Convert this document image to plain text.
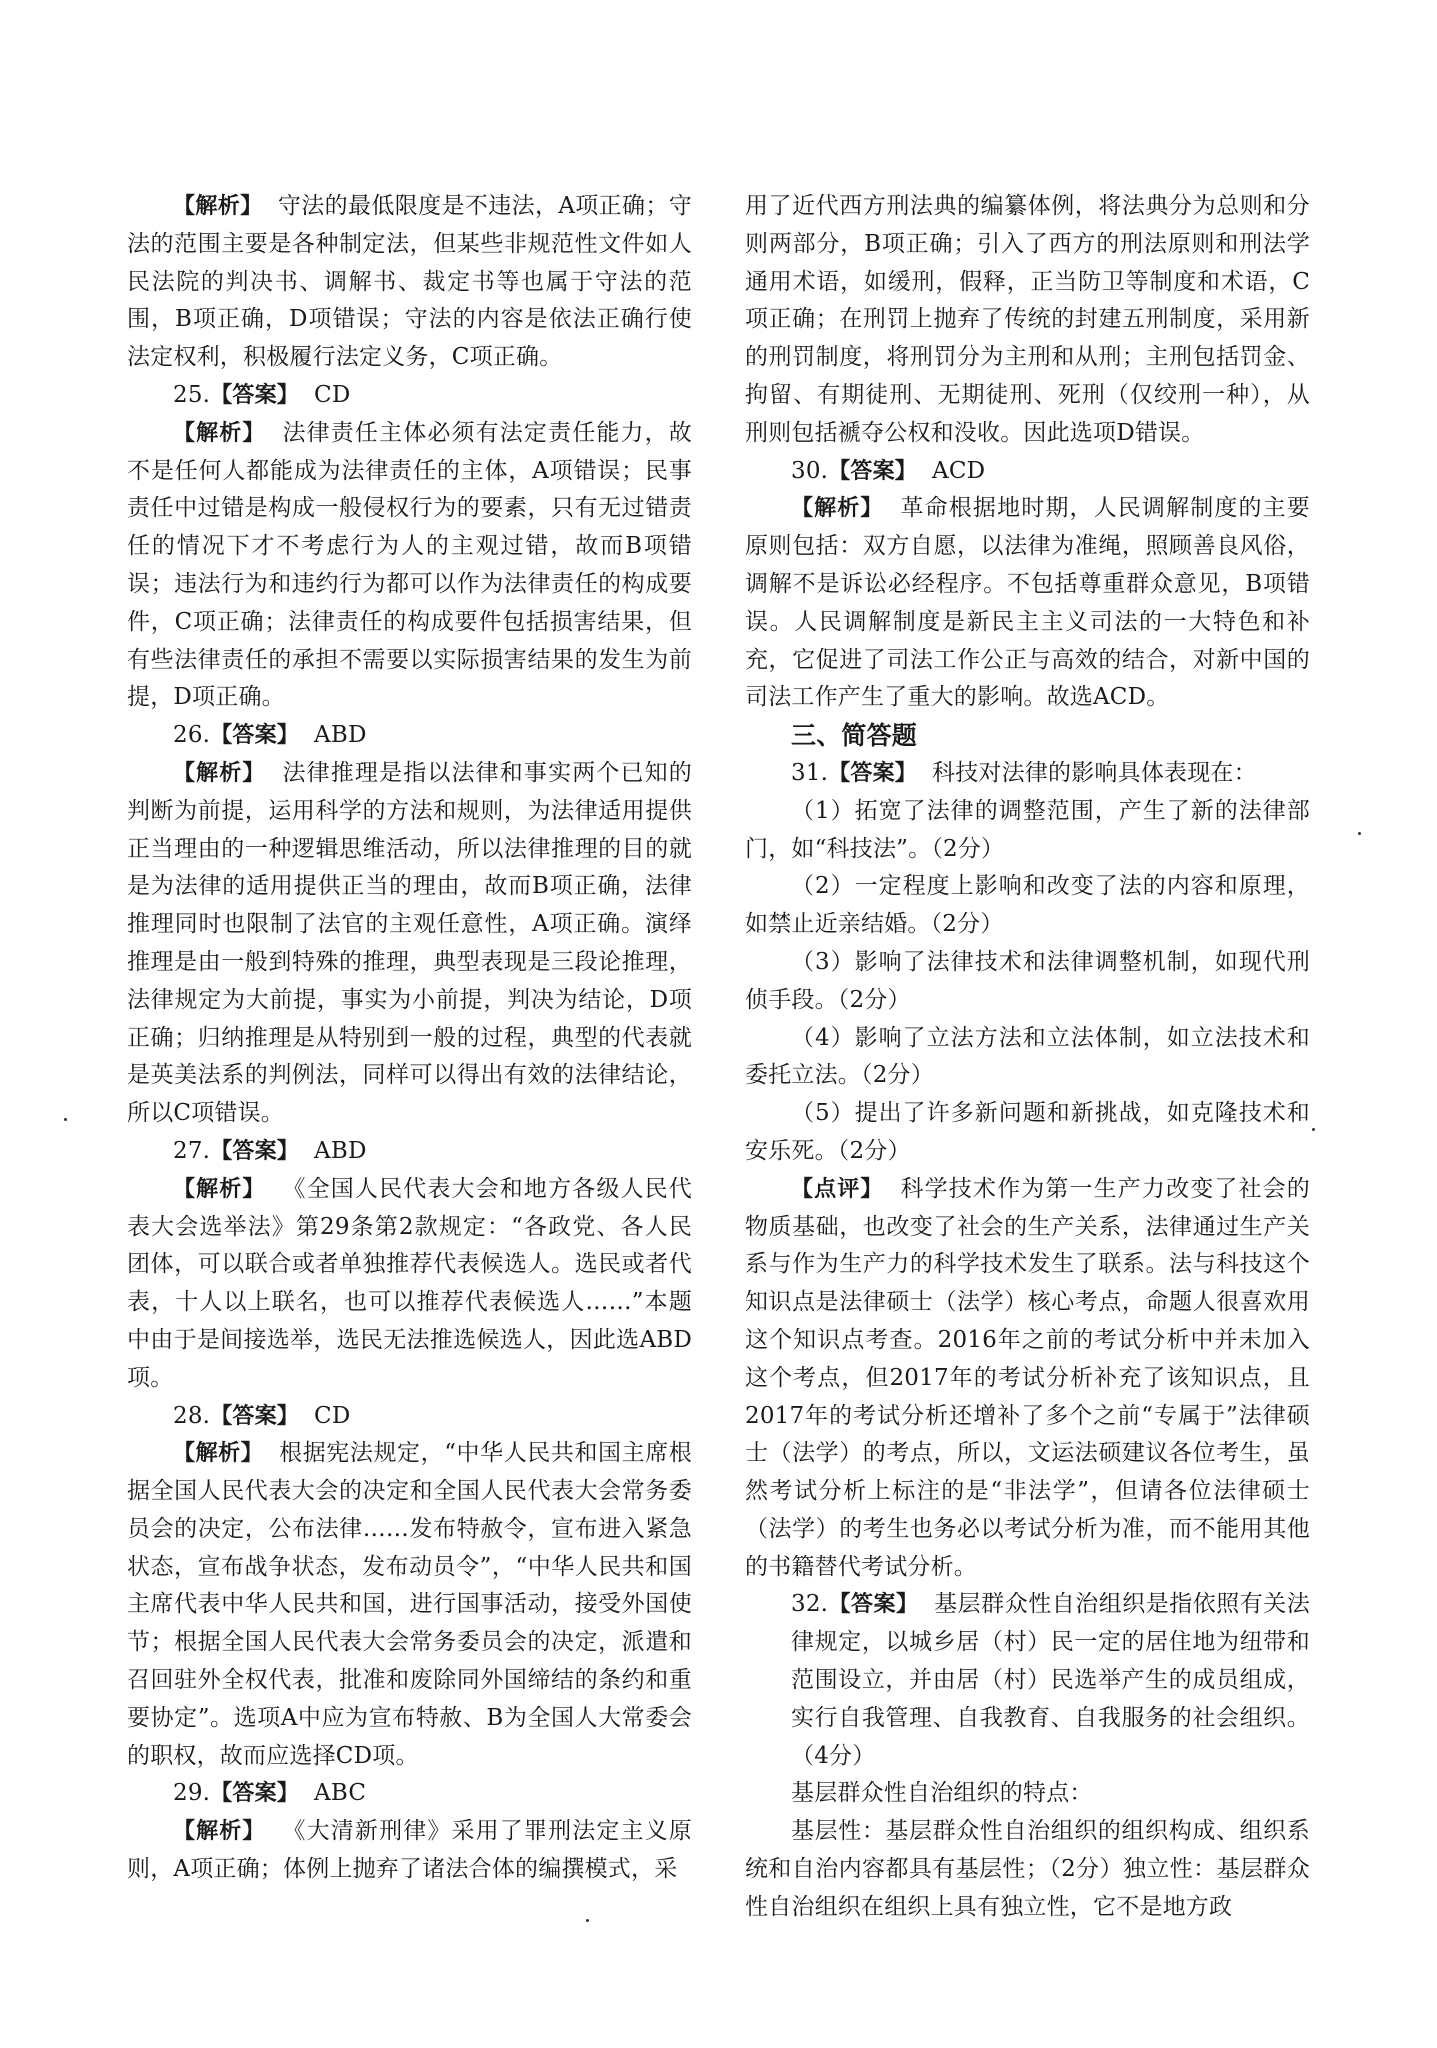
【解析】 守法的最低限度是不违法，A项正确；守法的范围主要是各种制定法，但某些非规范性文件如人民法院的判决书、调解书、裁定书等也属于守法的范围，B项正确，D项错误；守法的内容是依法正确行使法定权利，积极履行法定义务，C项正确。

25.【答案】 CD

【解析】 法律责任主体必须有法定责任能力，故不是任何人都能成为法律责任的主体，A项错误；民事责任中过错是构成一般侵权行为的要素，只有无过错责任的情况下才不考虑行为人的主观过错，故而B项错误；违法行为和违约行为都可以作为法律责任的构成要件，C项正确；法律责任的构成要件包括损害结果，但有些法律责任的承担不需要以实际损害结果的发生为前提，D项正确。

26.【答案】 ABD

【解析】 法律推理是指以法律和事实两个已知的判断为前提，运用科学的方法和规则，为法律适用提供正当理由的一种逻辑思维活动，所以法律推理的目的就是为法律的适用提供正当的理由，故而B项正确，法律推理同时也限制了法官的主观任意性，A项正确。演绎推理是由一般到特殊的推理，典型表现是三段论推理，法律规定为大前提，事实为小前提，判决为结论，D项正确；归纳推理是从特别到一般的过程，典型的代表就是英美法系的判例法，同样可以得出有效的法律结论，所以C项错误。

27.【答案】 ABD

【解析】 《全国人民代表大会和地方各级人民代表大会选举法》第29条第2款规定：“各政党、各人民团体，可以联合或者单独推荐代表候选人。选民或者代表，十人以上联名，也可以推荐代表候选人……”本题中由于是间接选举，选民无法推选候选人，因此选ABD项。

28.【答案】 CD

【解析】 根据宪法规定，“中华人民共和国主席根据全国人民代表大会的决定和全国人民代表大会常务委员会的决定，公布法律……发布特赦令，宣布进入紧急状态，宣布战争状态，发布动员令”，“中华人民共和国主席代表中华人民共和国，进行国事活动，接受外国使节；根据全国人民代表大会常务委员会的决定，派遣和召回驻外全权代表，批准和废除同外国缔结的条约和重要协定”。选项A中应为宣布特赦、B为全国人大常委会的职权，故而应选择CD项。

29.【答案】 ABC

【解析】 《大清新刑律》采用了罪刑法定主义原则，A项正确；体例上抛弃了诸法合体的编撰模式，采

用了近代西方刑法典的编纂体例，将法典分为总则和分则两部分，B项正确；引入了西方的刑法原则和刑法学通用术语，如缓刑，假释，正当防卫等制度和术语，C项正确；在刑罚上抛弃了传统的封建五刑制度，采用新的刑罚制度，将刑罚分为主刑和从刑；主刑包括罚金、拘留、有期徒刑、无期徒刑、死刑（仅绞刑一种），从刑则包括褫夺公权和没收。因此选项D错误。

30.【答案】 ACD

【解析】 革命根据地时期，人民调解制度的主要原则包括：双方自愿，以法律为准绳，照顾善良风俗，调解不是诉讼必经程序。不包括尊重群众意见，B项错误。人民调解制度是新民主主义司法的一大特色和补充，它促进了司法工作公正与高效的结合，对新中国的司法工作产生了重大的影响。故选ACD。

三、简答题

31.【答案】 科技对法律的影响具体表现在：

（1）拓宽了法律的调整范围，产生了新的法律部门，如“科技法”。（2分）

（2）一定程度上影响和改变了法的内容和原理，如禁止近亲结婚。（2分）

（3）影响了法律技术和法律调整机制，如现代刑侦手段。（2分）

（4）影响了立法方法和立法体制，如立法技术和委托立法。（2分）

（5）提出了许多新问题和新挑战，如克隆技术和安乐死。（2分）

【点评】 科学技术作为第一生产力改变了社会的物质基础，也改变了社会的生产关系，法律通过生产关系与作为生产力的科学技术发生了联系。法与科技这个知识点是法律硕士（法学）核心考点，命题人很喜欢用这个知识点考查。2016年之前的考试分析中并未加入这个考点，但2017年的考试分析补充了该知识点，且2017年的考试分析还增补了多个之前“专属于”法律硕士（法学）的考点，所以，文运法硕建议各位考生，虽然考试分析上标注的是“非法学”，但请各位法律硕士（法学）的考生也务必以考试分析为准，而不能用其他的书籍替代考试分析。

32.【答案】 基层群众性自治组织是指依照有关法律规定，以城乡居（村）民一定的居住地为纽带和范围设立，并由居（村）民选举产生的成员组成，实行自我管理、自我教育、自我服务的社会组织。（4分）

基层群众性自治组织的特点：

基层性：基层群众性自治组织的组织构成、组织系统和自治内容都具有基层性；（2分）独立性：基层群众性自治组织在组织上具有独立性，它不是地方政
